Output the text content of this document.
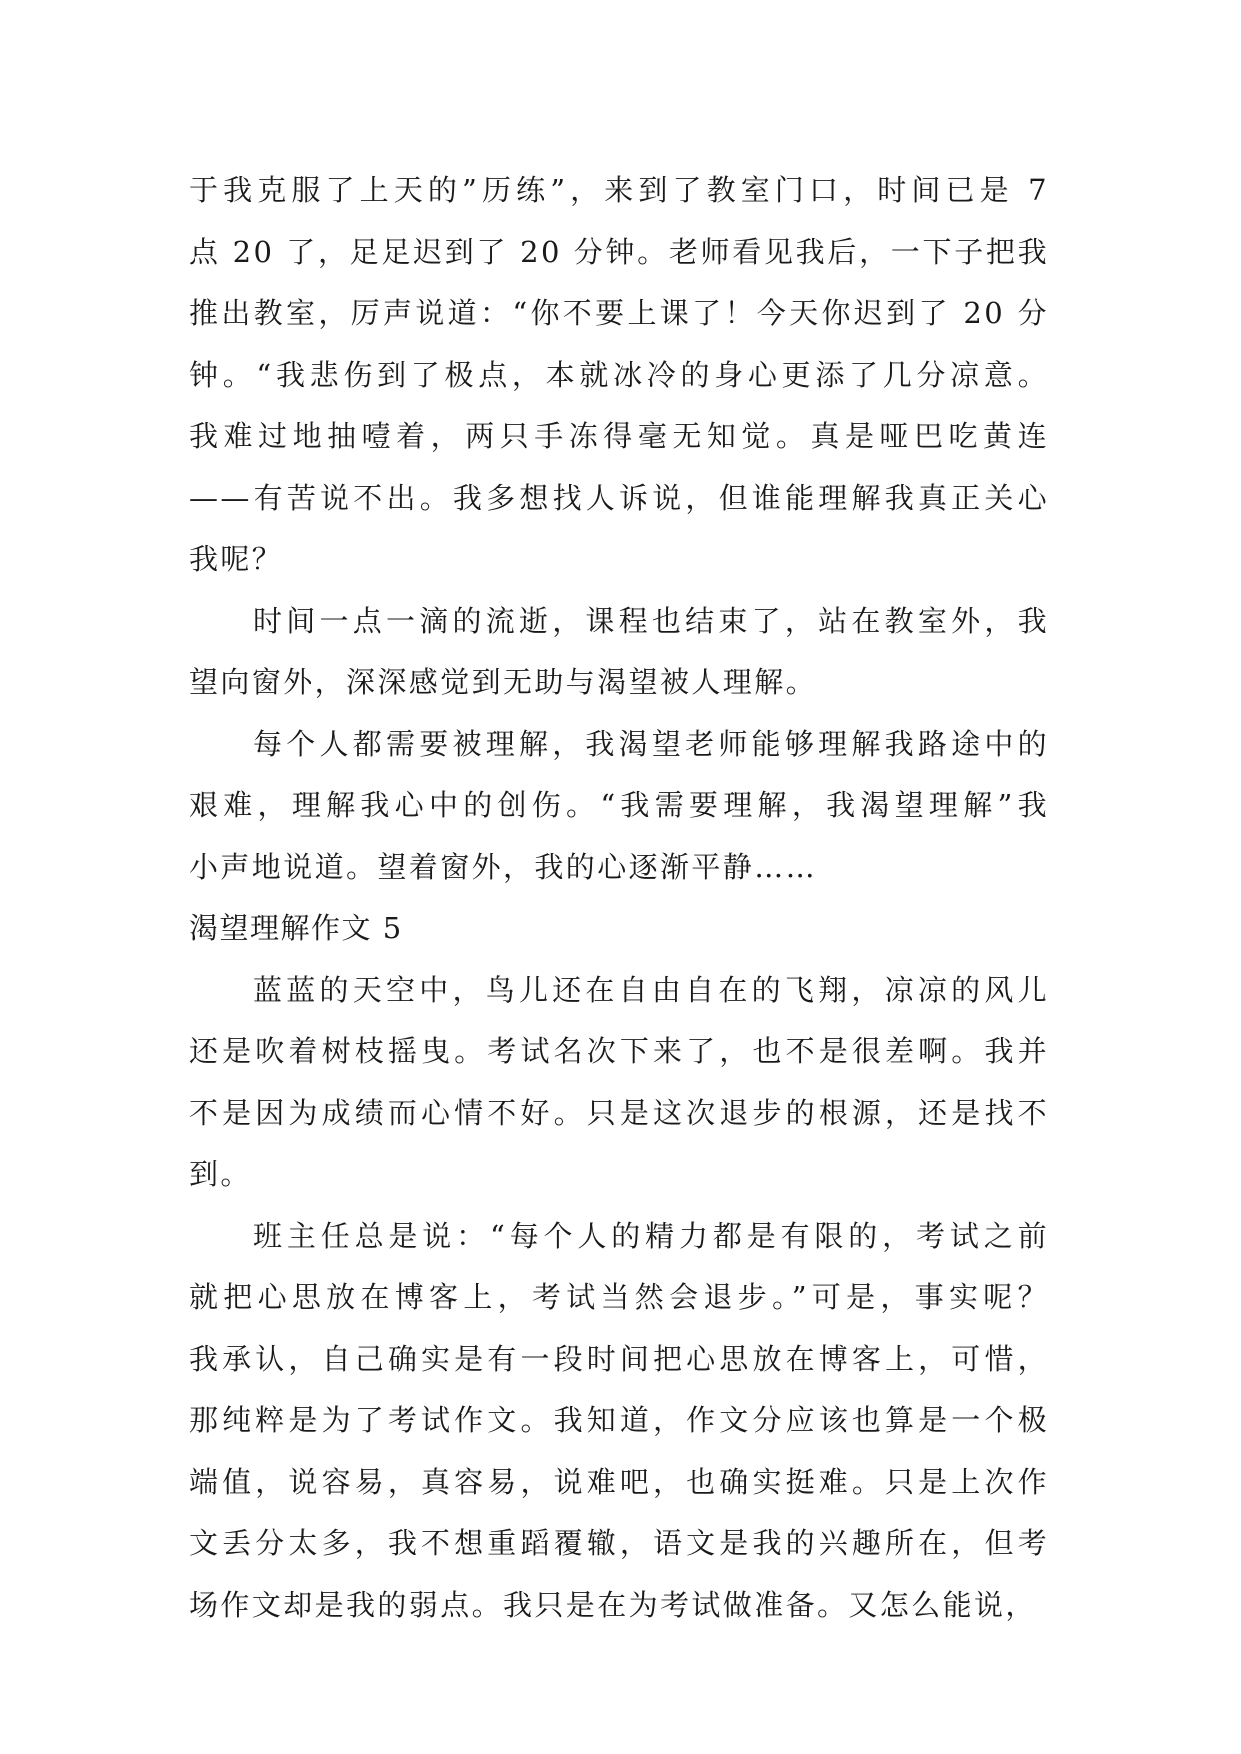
于我克服了上天的”历练”，来到了教室门口，时间已是 7
点 20 了，足足迟到了 20 分钟。老师看见我后，一下子把我
推出教室，厉声说道：“你不要上课了！今天你迟到了 20 分
钟。“我悲伤到了极点，本就冰冷的身心更添了几分凉意。
我难过地抽噎着，两只手冻得毫无知觉。真是哑巴吃黄连
——有苦说不出。我多想找人诉说，但谁能理解我真正关心
我呢？
时间一点一滴的流逝，课程也结束了，站在教室外，我
望向窗外，深深感觉到无助与渴望被人理解。
每个人都需要被理解，我渴望老师能够理解我路途中的
艰难，理解我心中的创伤。“我需要理解，我渴望理解”我
小声地说道。望着窗外，我的心逐渐平静……
渴望理解作文 5
蓝蓝的天空中，鸟儿还在自由自在的飞翔，凉凉的风儿
还是吹着树枝摇曳。考试名次下来了，也不是很差啊。我并
不是因为成绩而心情不好。只是这次退步的根源，还是找不
到。
班主任总是说：“每个人的精力都是有限的，考试之前
就把心思放在博客上，考试当然会退步。”可是，事实呢？
我承认，自己确实是有一段时间把心思放在博客上，可惜，
那纯粹是为了考试作文。我知道，作文分应该也算是一个极
端值，说容易，真容易，说难吧，也确实挺难。只是上次作
文丢分太多，我不想重蹈覆辙，语文是我的兴趣所在，但考
场作文却是我的弱点。我只是在为考试做准备。又怎么能说，
